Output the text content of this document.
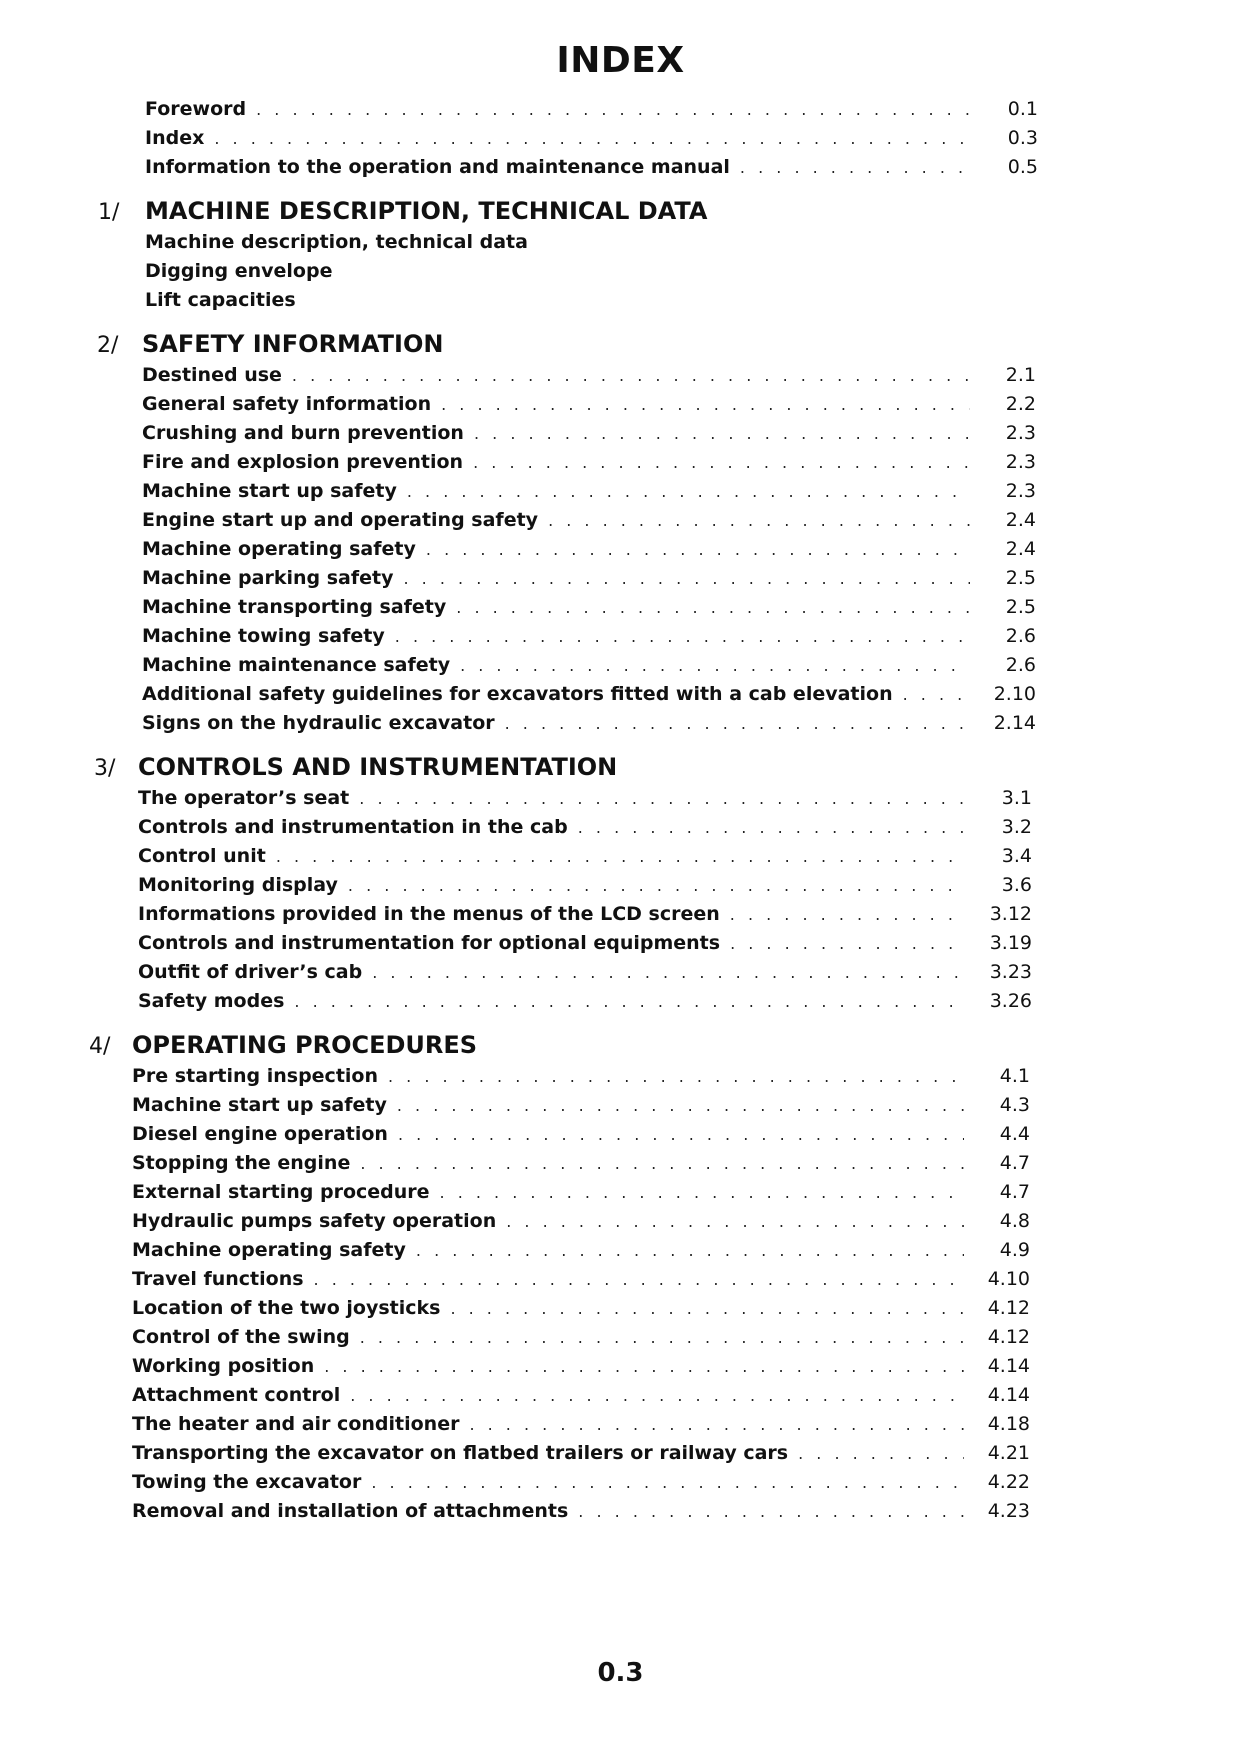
INDEX
Foreword . . .	0.1
Index . . .	0.3
Information to the operation and maintenance manual . . .	0.5
1/ MACHINE DESCRIPTION, TECHNICAL DATA
Machine description, technical data
Digging envelope
Lift capacities
2/ SAFETY INFORMATION
Destined use . . .	2.1
General safety information . . .	2.2
Crushing and burn prevention . . .	2.3
Fire and explosion prevention . . .	2.3
Machine start up safety . . .	2.3
Engine start up and operating safety . . .	2.4
Machine operating safety . . .	2.4
Machine parking safety . . .	2.5
Machine transporting safety . . .	2.5
Machine towing safety . . .	2.6
Machine maintenance safety . . .	2.6
Additional safety guidelines for excavators fitted with a cab elevation . . .	2.10
Signs on the hydraulic excavator . . .	2.14
3/ CONTROLS AND INSTRUMENTATION
The operator’s seat . . .	3.1
Controls and instrumentation in the cab . . .	3.2
Control unit . . .	3.4
Monitoring display . . .	3.6
Informations provided in the menus of the LCD screen . . .	3.12
Controls and instrumentation for optional equipments . . .	3.19
Outfit of driver’s cab . . .	3.23
Safety modes . . .	3.26
4/ OPERATING PROCEDURES
Pre starting inspection . . .	4.1
Machine start up safety . . .	4.3
Diesel engine operation . . .	4.4
Stopping the engine . . .	4.7
External starting procedure . . .	4.7
Hydraulic pumps safety operation . . .	4.8
Machine operating safety . . .	4.9
Travel functions . . .	4.10
Location of the two joysticks . . .	4.12
Control of the swing . . .	4.12
Working position . . .	4.14
Attachment control . . .	4.14
The heater and air conditioner . . .	4.18
Transporting the excavator on flatbed trailers or railway cars . . .	4.21
Towing the excavator . . .	4.22
Removal and installation of attachments . . .	4.23
0.3
